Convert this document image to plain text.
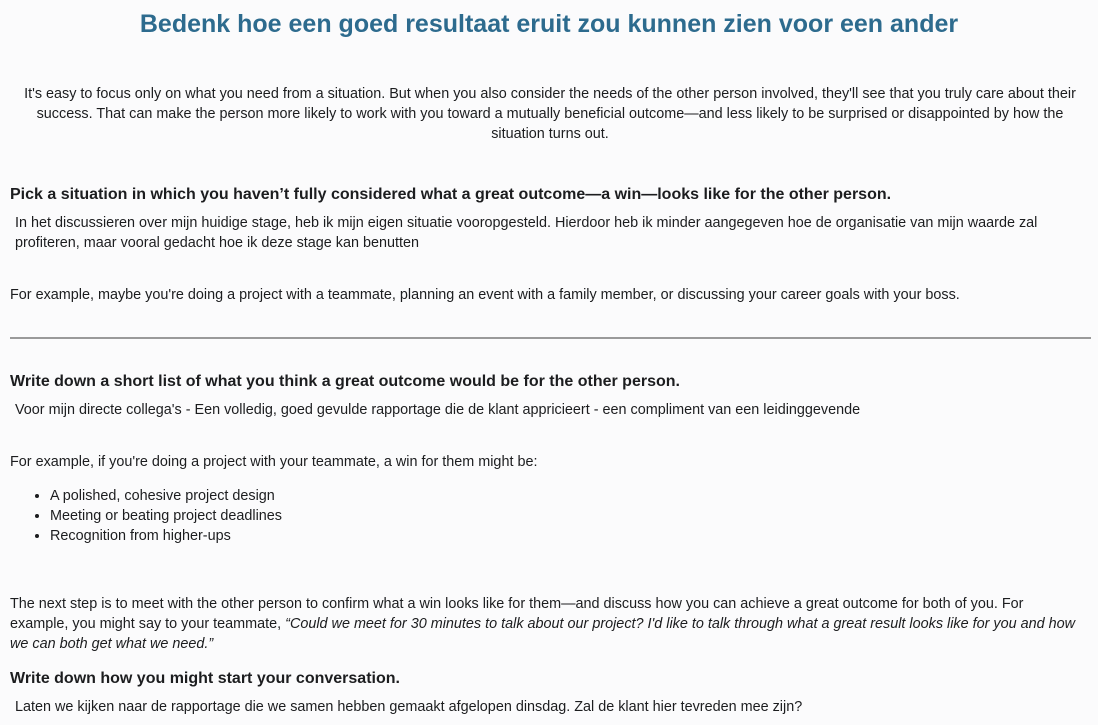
Bedenk hoe een goed resultaat eruit zou kunnen zien voor een ander

It's easy to focus only on what you need from a situation. But when you also consider the needs of the other person involved, they'll see that you truly care about their success. That can make the person more likely to work with you toward a mutually beneficial outcome—and less likely to be surprised or disappointed by how the situation turns out.

Pick a situation in which you haven’t fully considered what a great outcome—a win—looks like for the other person.

In het discussieren over mijn huidige stage, heb ik mijn eigen situatie vooropgesteld. Hierdoor heb ik minder aangegeven hoe de organisatie van mijn waarde zal profiteren, maar vooral gedacht hoe ik deze stage kan benutten

For example, maybe you're doing a project with a teammate, planning an event with a family member, or discussing your career goals with your boss.

Write down a short list of what you think a great outcome would be for the other person.

Voor mijn directe collega's - Een volledig, goed gevulde rapportage die de klant appricieert - een compliment van een leidinggevende

For example, if you're doing a project with your teammate, a win for them might be:

• A polished, cohesive project design
• Meeting or beating project deadlines
• Recognition from higher-ups

The next step is to meet with the other person to confirm what a win looks like for them—and discuss how you can achieve a great outcome for both of you. For example, you might say to your teammate, “Could we meet for 30 minutes to talk about our project? I'd like to talk through what a great result looks like for you and how we can both get what we need.”

Write down how you might start your conversation.

Laten we kijken naar de rapportage die we samen hebben gemaakt afgelopen dinsdag. Zal de klant hier tevreden mee zijn?
